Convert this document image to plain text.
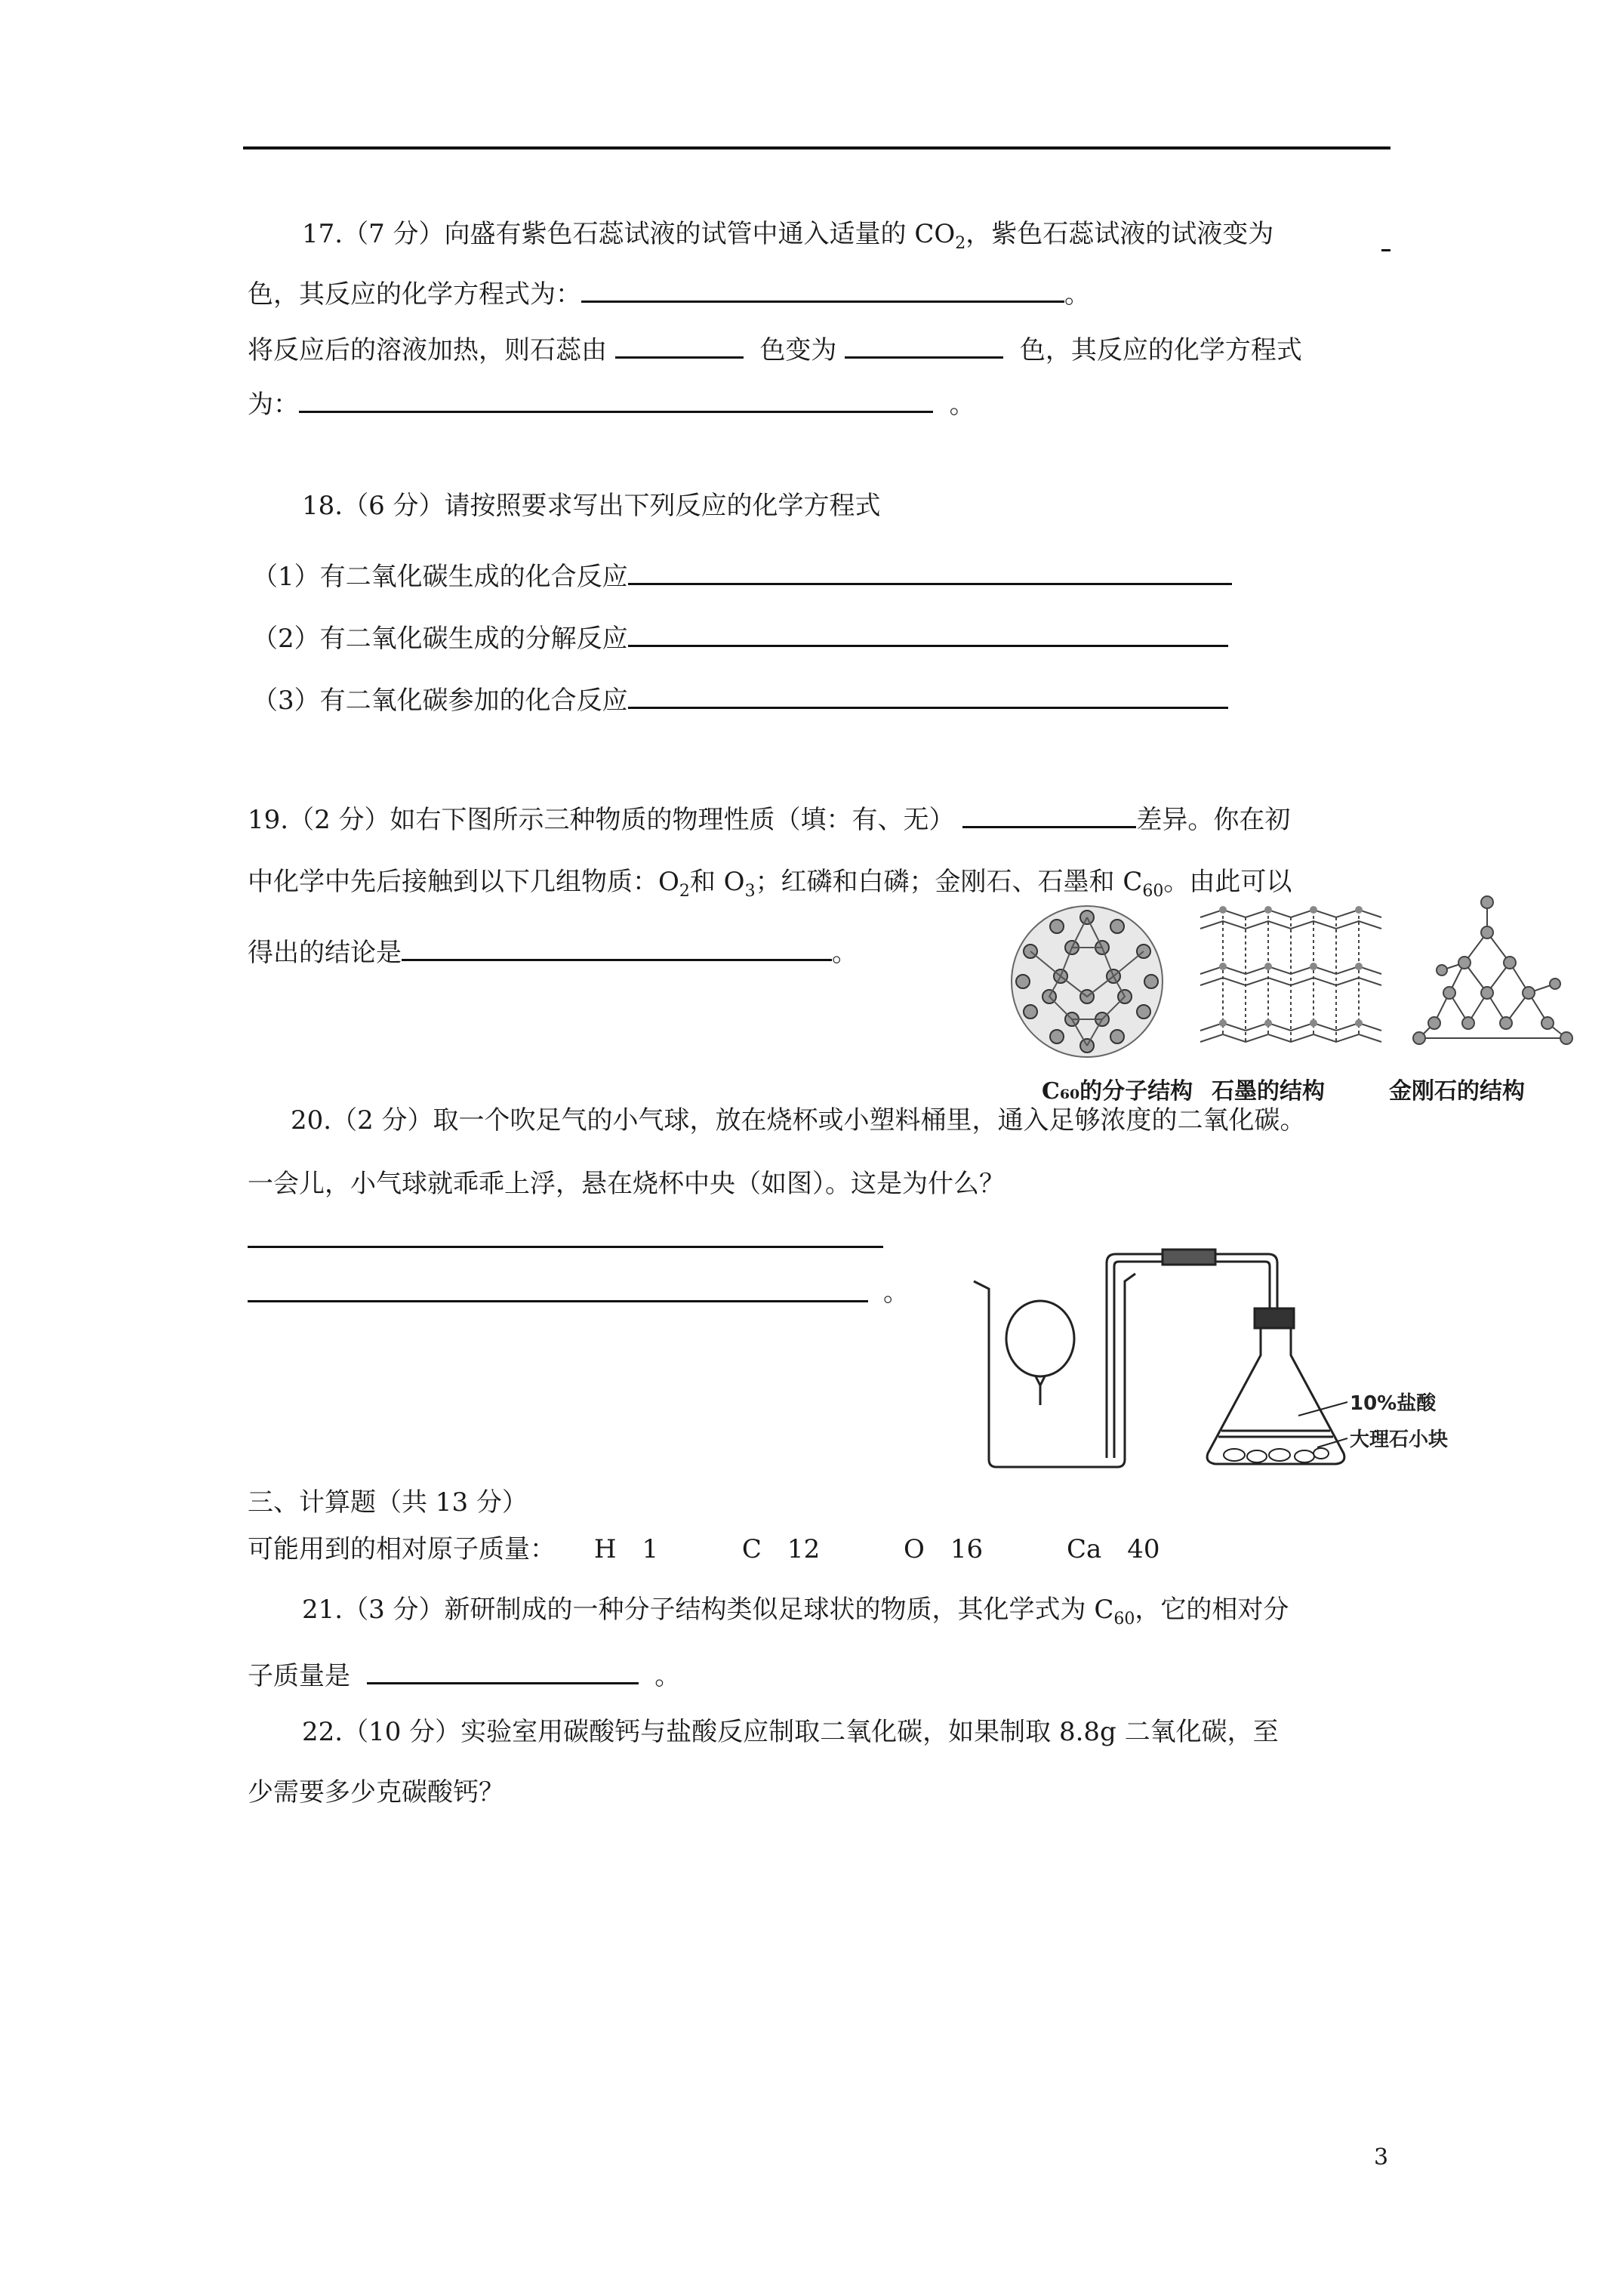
17.（7 分）向盛有紫色石蕊试液的试管中通入适量的 $CO_2$，紫色石蕊试液的试液变为
色，其反应的化学方程式为：	。
将反应后的溶液加热，则石蕊由	色变为	色，其反应的化学方程式
为：	。
18.（6 分）请按照要求写出下列反应的化学方程式
（1）有二氧化碳生成的化合反应
（2）有二氧化碳生成的分解反应
（3）有二氧化碳参加的化合反应
19.（2 分）如右下图所示三种物质的物理性质（填：有、无）	差异。你在初
中化学中先后接触到以下几组物质：$O_2$和 $O_3$；红磷和白磷；金刚石、石墨和 $C_{60}$。由此可以
得出的结论是	。
C₆₀的分子结构 石墨的结构	金刚石的结构
20.（2 分）取一个吹足气的小气球，放在烧杯或小塑料桶里，通入足够浓度的二氧化碳。
一会儿，小气球就乖乖上浮，悬在烧杯中央（如图）。这是为什么？
。
10%盐酸
大理石小块
三、计算题（共 13 分）
可能用到的相对原子质量： H　1	C　12	O　16	Ca　40
21.（3 分）新研制成的一种分子结构类似足球状的物质，其化学式为 $C_{60}$，它的相对分
子质量是	。
22.（10 分）实验室用碳酸钙与盐酸反应制取二氧化碳，如果制取 8.8g 二氧化碳，至
少需要多少克碳酸钙？
3
